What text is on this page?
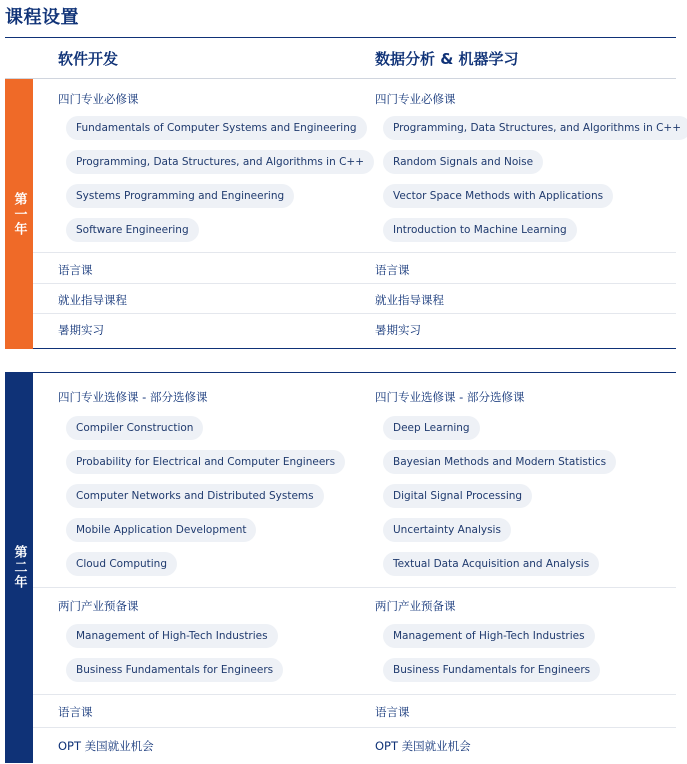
课程设置
软件开发	数据分析 & 机器学习
第一年
四门专业必修课
Fundamentals of Computer Systems and Engineering
Programming, Data Structures, and Algorithms in C++
Systems Programming and Engineering
Software Engineering
语言课
就业指导课程
暑期实习
四门专业必修课
Programming, Data Structures, and Algorithms in C++
Random Signals and Noise
Vector Space Methods with Applications
Introduction to Machine Learning
语言课
就业指导课程
暑期实习
第二年
四门专业选修课 - 部分选修课
Compiler Construction
Probability for Electrical and Computer Engineers
Computer Networks and Distributed Systems
Mobile Application Development
Cloud Computing
两门产业预备课
Management of High-Tech Industries
Business Fundamentals for Engineers
语言课
OPT 美国就业机会
四门专业选修课 - 部分选修课
Deep Learning
Bayesian Methods and Modern Statistics
Digital Signal Processing
Uncertainty Analysis
Textual Data Acquisition and Analysis
两门产业预备课
Management of High-Tech Industries
Business Fundamentals for Engineers
语言课
OPT 美国就业机会
